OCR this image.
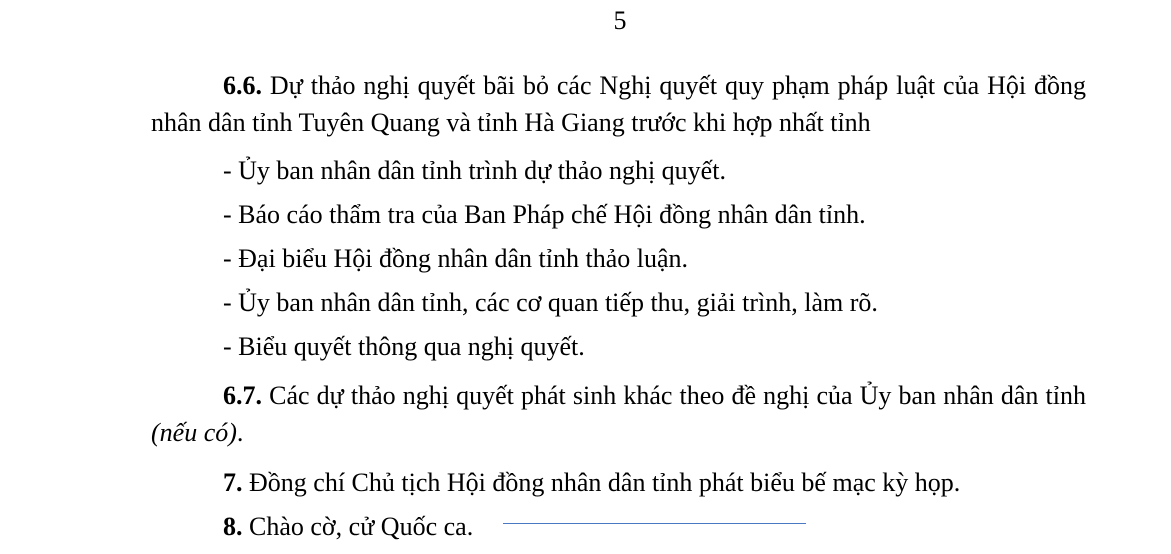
5

6.6. Dự thảo nghị quyết bãi bỏ các Nghị quyết quy phạm pháp luật của Hội đồng nhân dân tỉnh Tuyên Quang và tỉnh Hà Giang trước khi hợp nhất tỉnh

- Ủy ban nhân dân tỉnh trình dự thảo nghị quyết.

- Báo cáo thẩm tra của Ban Pháp chế Hội đồng nhân dân tỉnh.

- Đại biểu Hội đồng nhân dân tỉnh thảo luận.

- Ủy ban nhân dân tỉnh, các cơ quan tiếp thu, giải trình, làm rõ.

- Biểu quyết thông qua nghị quyết.

6.7. Các dự thảo nghị quyết phát sinh khác theo đề nghị của Ủy ban nhân dân tỉnh (nếu có).

7. Đồng chí Chủ tịch Hội đồng nhân dân tỉnh phát biểu bế mạc kỳ họp.

8. Chào cờ, cử Quốc ca.
